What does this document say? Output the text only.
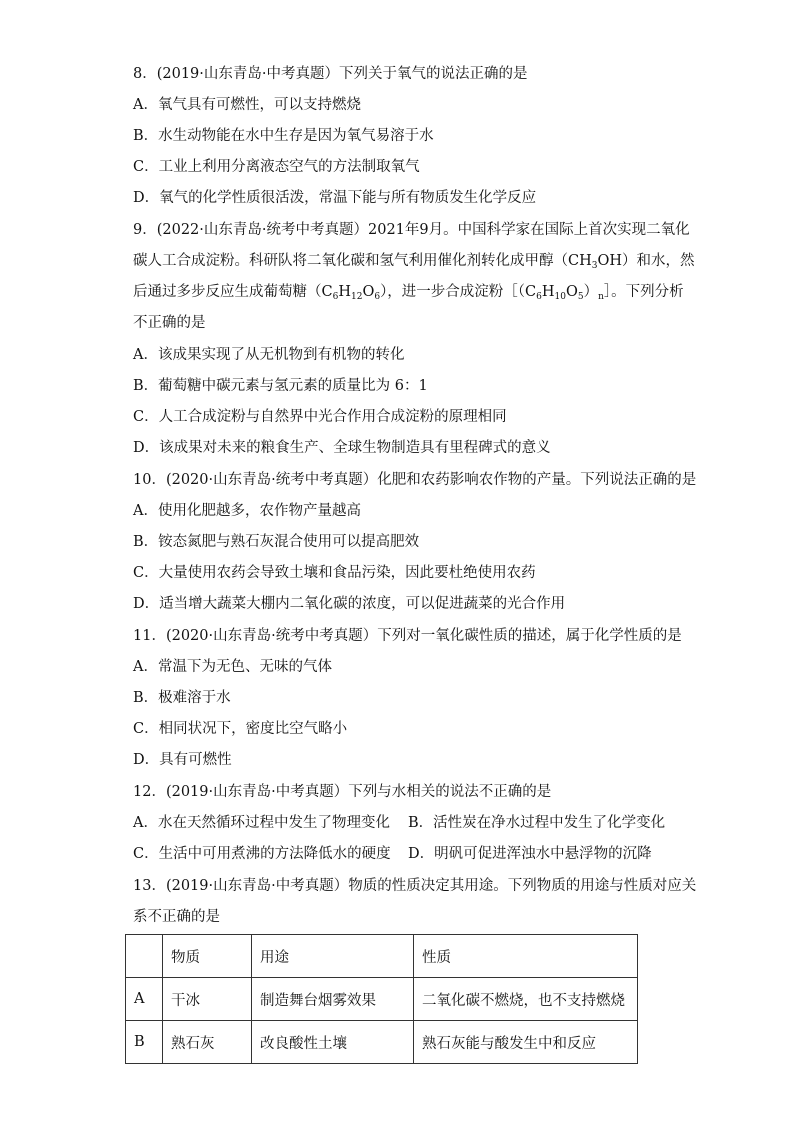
8．(2019·山东青岛·中考真题）下列关于氧气的说法正确的是
A．氧气具有可燃性，可以支持燃烧
B．水生动物能在水中生存是因为氧气易溶于水
C．工业上利用分离液态空气的方法制取氧气
D．氧气的化学性质很活泼，常温下能与所有物质发生化学反应
9．(2022·山东青岛·统考中考真题）2021年9月。中国科学家在国际上首次实现二氧化
碳人工合成淀粉。科研队将二氧化碳和氢气利用催化剂转化成甲醇$(CH_3OH)$和水，然
后通过多步反应生成葡萄糖$(C_6H_{12}O_6)$，进一步合成淀粉$[(C_6H_{10}O_5)_n]$。下列分析
不正确的是
A．该成果实现了从无机物到有机物的转化
B．葡萄糖中碳元素与氢元素的质量比为 6：1
C．人工合成淀粉与自然界中光合作用合成淀粉的原理相同
D．该成果对未来的粮食生产、全球生物制造具有里程碑式的意义
10．(2020·山东青岛·统考中考真题）化肥和农药影响农作物的产量。下列说法正确的是
A．使用化肥越多，农作物产量越高
B．铵态氮肥与熟石灰混合使用可以提高肥效
C．大量使用农药会导致土壤和食品污染，因此要杜绝使用农药
D．适当增大蔬菜大棚内二氧化碳的浓度，可以促进蔬菜的光合作用
11．(2020·山东青岛·统考中考真题）下列对一氧化碳性质的描述，属于化学性质的是
A．常温下为无色、无味的气体
B．极难溶于水
C．相同状况下，密度比空气略小
D．具有可燃性
12．(2019·山东青岛·中考真题）下列与水相关的说法不正确的是
A．水在天然循环过程中发生了物理变化 B．活性炭在净水过程中发生了化学变化
C．生活中可用煮沸的方法降低水的硬度 D．明矾可促进浑浊水中悬浮物的沉降
13．(2019·山东青岛·中考真题）物质的性质决定其用途。下列物质的用途与性质对应关
系不正确的是
	物质	用途	性质
A	干冰	制造舞台烟雾效果	二氧化碳不燃烧，也不支持燃烧
B	熟石灰	改良酸性土壤	熟石灰能与酸发生中和反应
